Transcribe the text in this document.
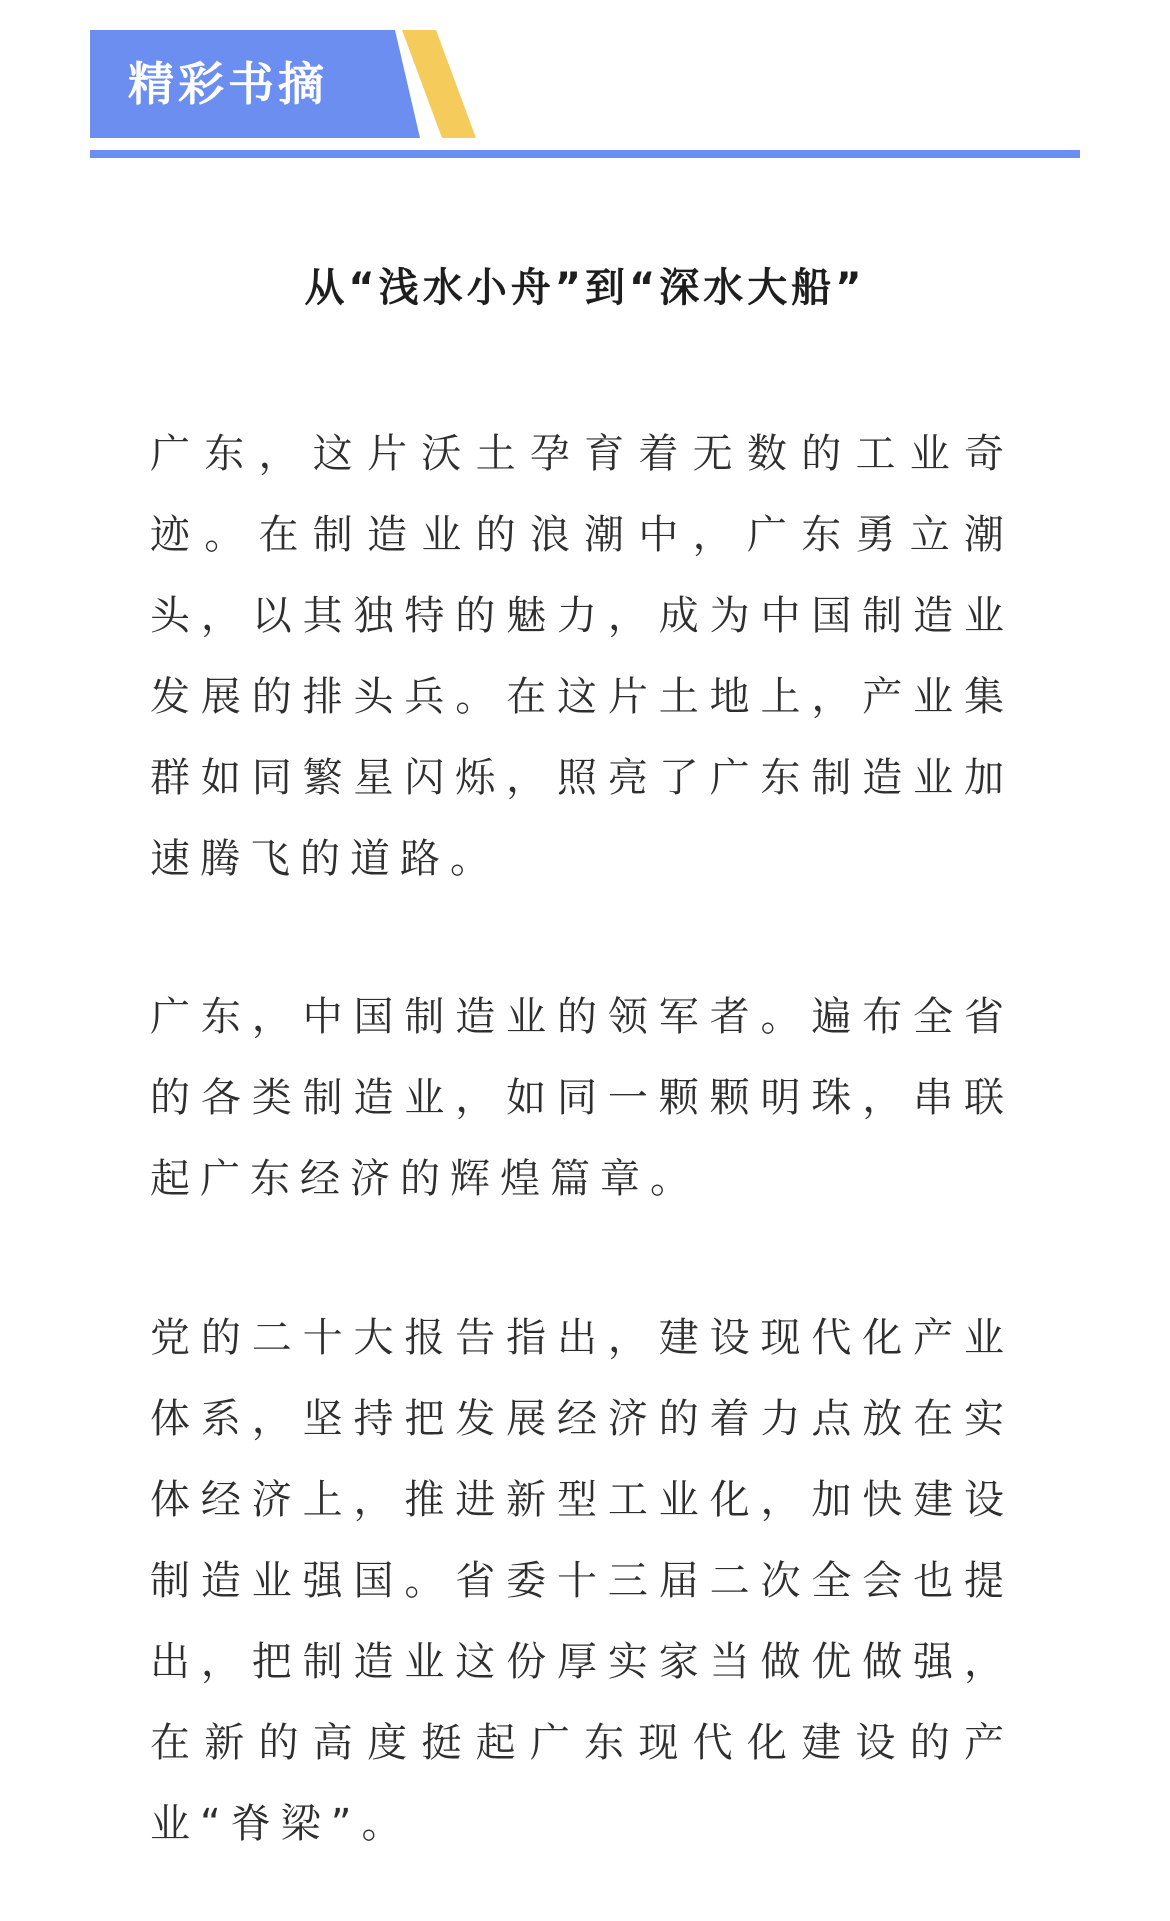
精彩书摘
从“浅水小舟”到“深水大船”

广东，这片沃土孕育着无数的工业奇迹。在制造业的浪潮中，广东勇立潮头，以其独特的魅力，成为中国制造业发展的排头兵。在这片土地上，产业集群如同繁星闪烁，照亮了广东制造业加速腾飞的道路。

广东，中国制造业的领军者。遍布全省的各类制造业，如同一颗颗明珠，串联起广东经济的辉煌篇章。

党的二十大报告指出，建设现代化产业体系，坚持把发展经济的着力点放在实体经济上，推进新型工业化，加快建设制造业强国。省委十三届二次全会也提出，把制造业这份厚实家当做优做强，在新的高度挺起广东现代化建设的产业“脊梁”。
